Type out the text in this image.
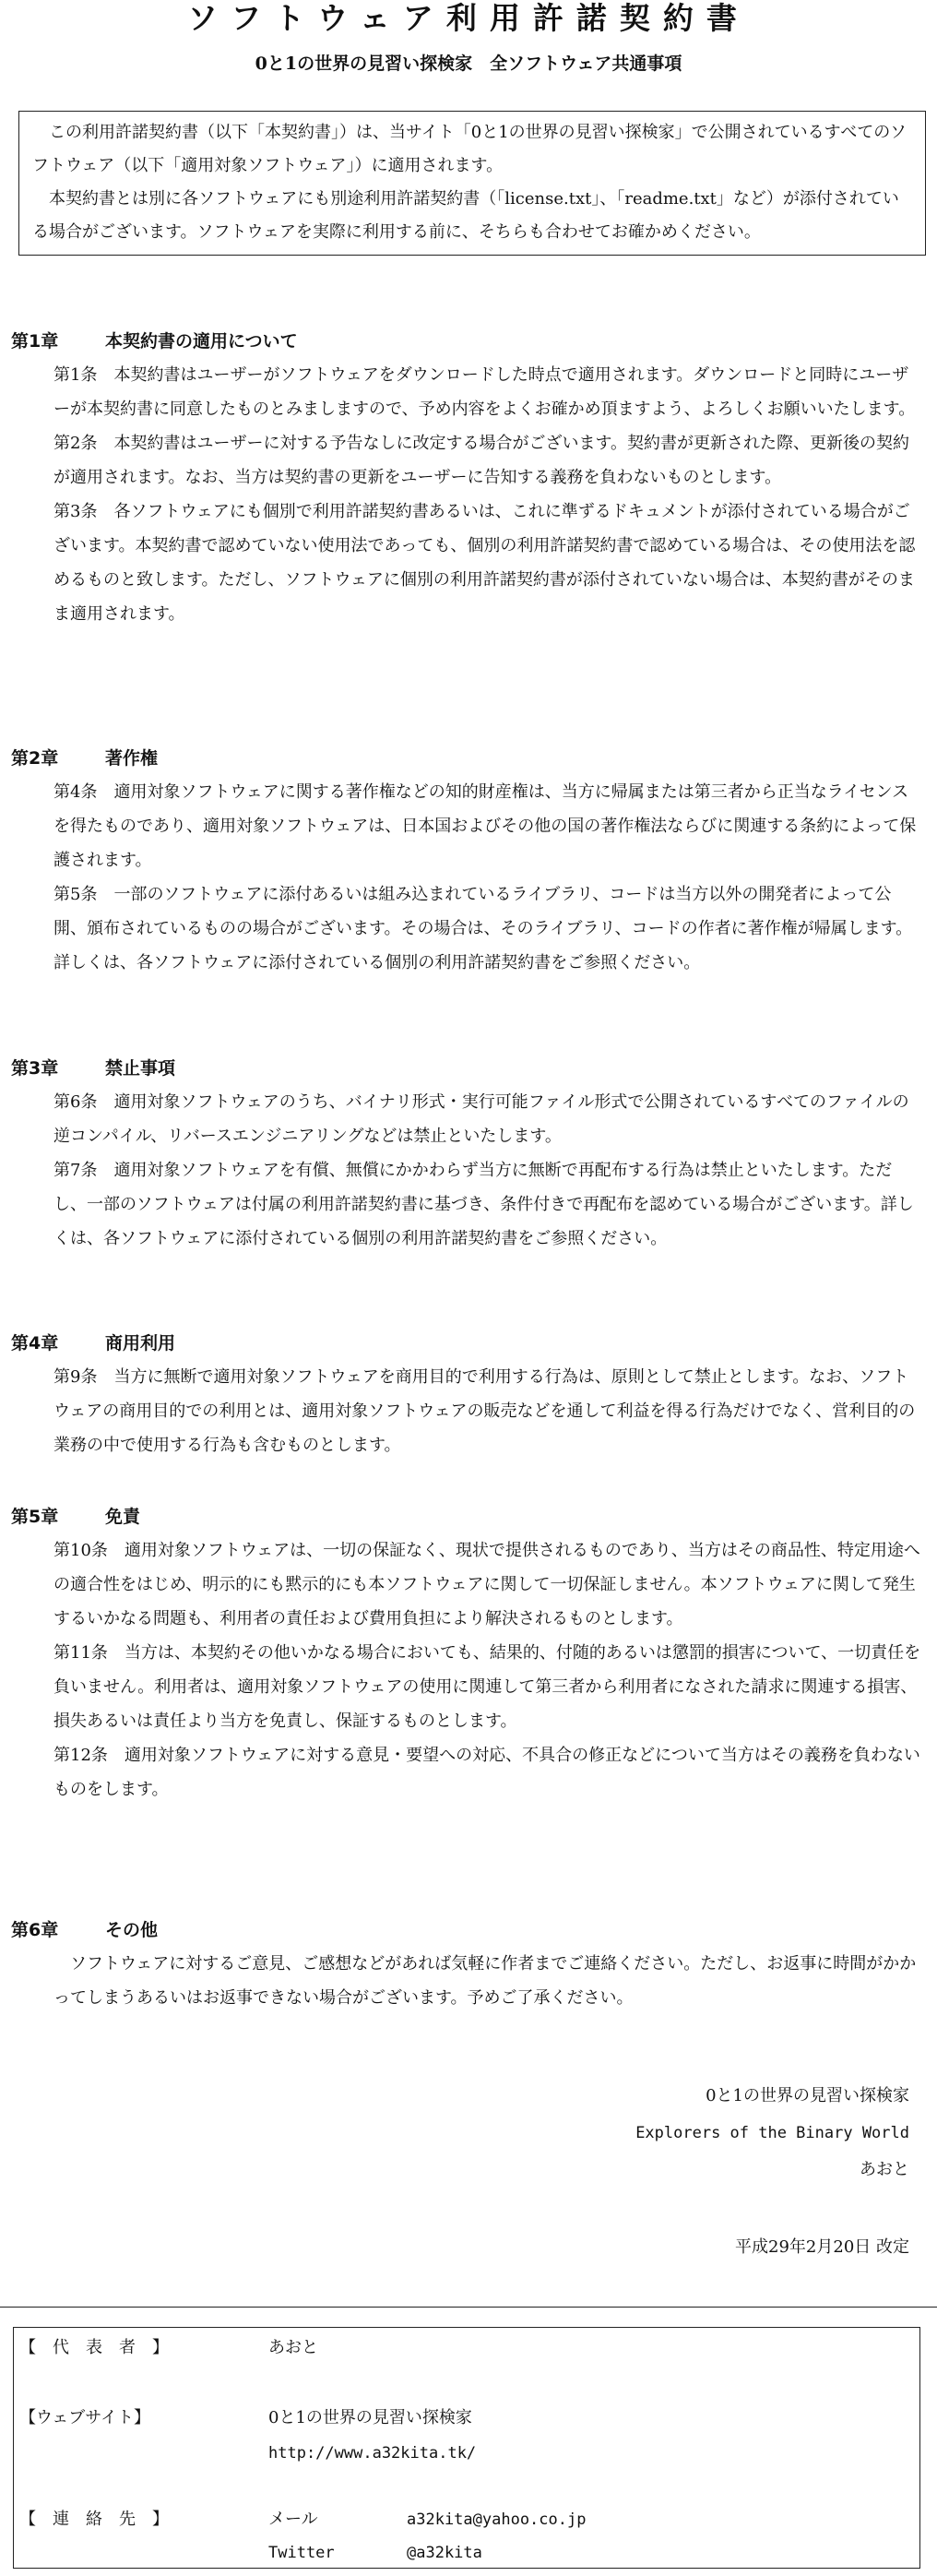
ソフトウェア利用許諾契約書
0と1の世界の見習い探検家　全ソフトウェア共通事項

この利用許諾契約書（以下「本契約書」）は、当サイト「0と1の世界の見習い探検家」で公開されているすべてのソフトウェア（以下「適用対象ソフトウェア」）に適用されます。

本契約書とは別に各ソフトウェアにも別途利用許諾契約書（「license.txt」、「readme.txt」など）が添付されている場合がございます。ソフトウェアを実際に利用する前に、そちらも合わせてお確かめください。

第1章	本契約書の適用について

第1条 本契約書はユーザーがソフトウェアをダウンロードした時点で適用されます。ダウンロードと同時にユーザーが本契約書に同意したものとみましますので、予め内容をよくお確かめ頂ますよう、よろしくお願いいたします。

第2条 本契約書はユーザーに対する予告なしに改定する場合がございます。契約書が更新された際、更新後の契約が適用されます。なお、当方は契約書の更新をユーザーに告知する義務を負わないものとします。

第3条 各ソフトウェアにも個別で利用許諾契約書あるいは、これに準ずるドキュメントが添付されている場合がございます。本契約書で認めていない使用法であっても、個別の利用許諾契約書で認めている場合は、その使用法を認めるものと致します。ただし、ソフトウェアに個別の利用許諾契約書が添付されていない場合は、本契約書がそのまま適用されます。

第2章	著作権

第4条 適用対象ソフトウェアに関する著作権などの知的財産権は、当方に帰属または第三者から正当なライセンスを得たものであり、適用対象ソフトウェアは、日本国およびその他の国の著作権法ならびに関連する条約によって保護されます。

第5条 一部のソフトウェアに添付あるいは組み込まれているライブラリ、コードは当方以外の開発者によって公開、頒布されているものの場合がございます。その場合は、そのライブラリ、コードの作者に著作権が帰属します。詳しくは、各ソフトウェアに添付されている個別の利用許諾契約書をご参照ください。

第3章	禁止事項

第6条 適用対象ソフトウェアのうち、バイナリ形式・実行可能ファイル形式で公開されているすべてのファイルの逆コンパイル、リバースエンジニアリングなどは禁止といたします。

第7条 適用対象ソフトウェアを有償、無償にかかわらず当方に無断で再配布する行為は禁止といたします。ただし、一部のソフトウェアは付属の利用許諾契約書に基づき、条件付きで再配布を認めている場合がございます。詳しくは、各ソフトウェアに添付されている個別の利用許諾契約書をご参照ください。

第4章	商用利用

第9条 当方に無断で適用対象ソフトウェアを商用目的で利用する行為は、原則として禁止とします。なお、ソフトウェアの商用目的での利用とは、適用対象ソフトウェアの販売などを通して利益を得る行為だけでなく、営利目的の業務の中で使用する行為も含むものとします。

第5章	免責

第10条 適用対象ソフトウェアは、一切の保証なく、現状で提供されるものであり、当方はその商品性、特定用途への適合性をはじめ、明示的にも黙示的にも本ソフトウェアに関して一切保証しません。本ソフトウェアに関して発生するいかなる問題も、利用者の責任および費用負担により解決されるものとします。

第11条 当方は、本契約その他いかなる場合においても、結果的、付随的あるいは懲罰的損害について、一切責任を負いません。利用者は、適用対象ソフトウェアの使用に関連して第三者から利用者になされた請求に関連する損害、損失あるいは責任より当方を免責し、保証するものとします。

第12条 適用対象ソフトウェアに対する意見・要望への対応、不具合の修正などについて当方はその義務を負わないものをします。

第6章	その他

ソフトウェアに対するご意見、ご感想などがあれば気軽に作者までご連絡ください。ただし、お返事に時間がかかってしまうあるいはお返事できない場合がございます。予めご了承ください。

0と1の世界の見習い探検家
Explorers of the Binary World
あおと
平成29年2月20日 改定
【　代　表　者　】	あおと
【ウェブサイト】	0と1の世界の見習い探検家
http://www.a32kita.tk/
【　連　絡　先　】	メール	a32kita@yahoo.co.jp
Twitter	@a32kita
